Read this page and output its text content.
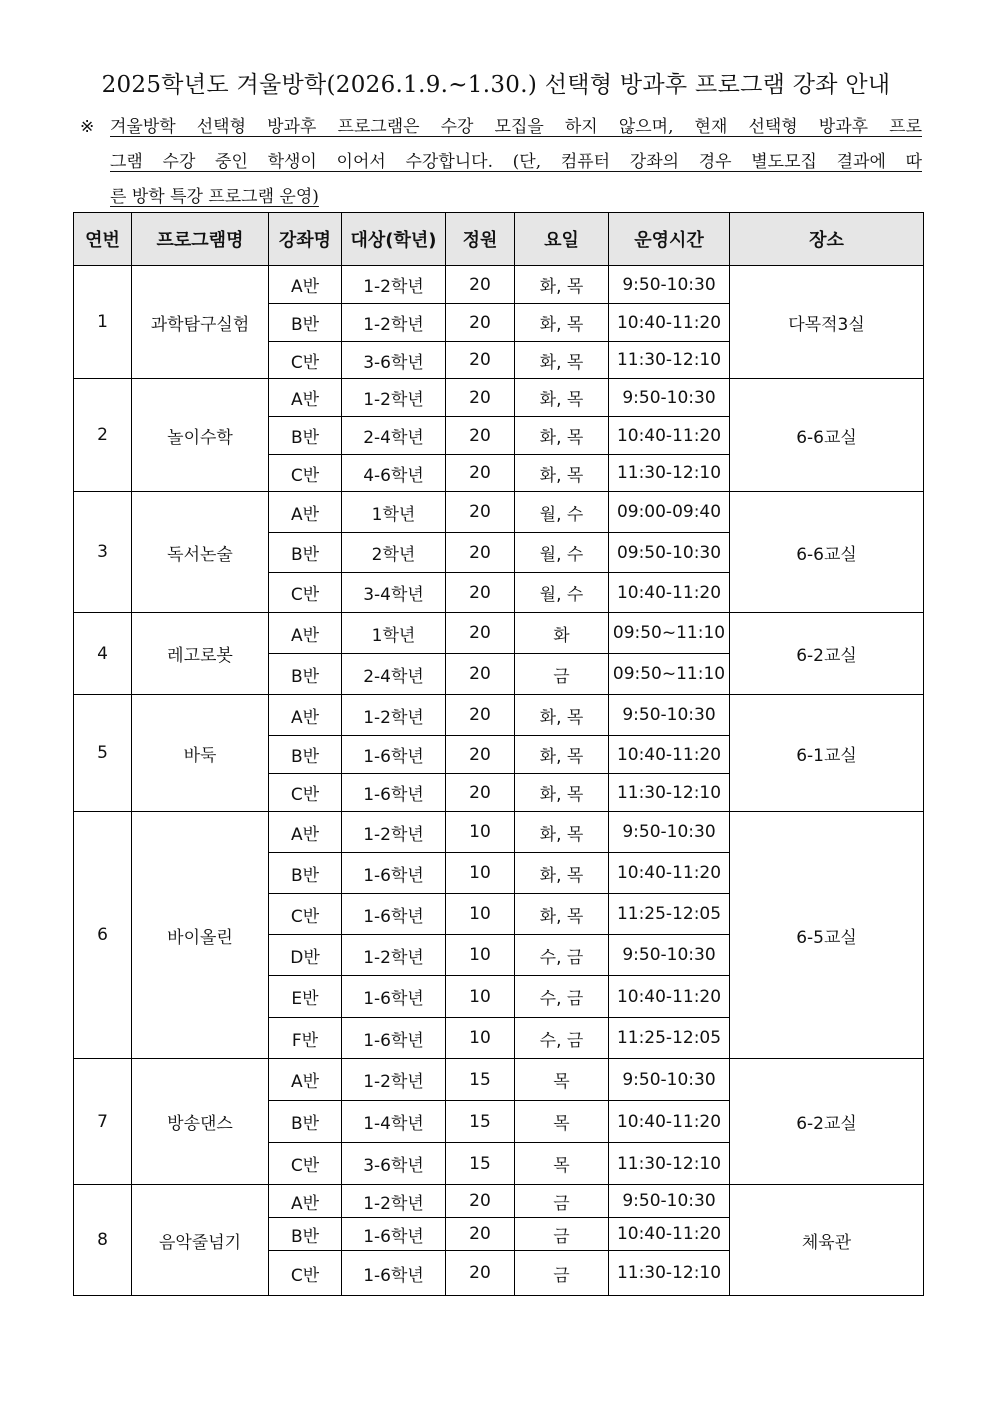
2025학년도 겨울방학(2026.1.9.~1.30.) 선택형 방과후 프로그램 강좌 안내
※ 겨울방학 선택형 방과후 프로그램은 수강 모집을 하지 않으며, 현재 선택형 방과후 프로
그램 수강 중인 학생이 이어서 수강합니다. (단, 컴퓨터 강좌의 경우 별도모집 결과에 따
른 방학 특강 프로그램 운영)
연번	프로그램명	강좌명	대상(학년)	정원	요일	운영시간	장소
1	과학탐구실험	A반	1-2학년	20	화, 목	9:50-10:30	다목적3실
		B반	1-2학년	20	화, 목	10:40-11:20	
		C반	3-6학년	20	화, 목	11:30-12:10	
2	놀이수학	A반	1-2학년	20	화, 목	9:50-10:30	6-6교실
		B반	2-4학년	20	화, 목	10:40-11:20	
		C반	4-6학년	20	화, 목	11:30-12:10	
3	독서논술	A반	1학년	20	월, 수	09:00-09:40	6-6교실
		B반	2학년	20	월, 수	09:50-10:30	
		C반	3-4학년	20	월, 수	10:40-11:20	
4	레고로봇	A반	1학년	20	화	09:50~11:10	6-2교실
		B반	2-4학년	20	금	09:50~11:10	
5	바둑	A반	1-2학년	20	화, 목	9:50-10:30	6-1교실
		B반	1-6학년	20	화, 목	10:40-11:20	
		C반	1-6학년	20	화, 목	11:30-12:10	
6	바이올린	A반	1-2학년	10	화, 목	9:50-10:30	6-5교실
		B반	1-6학년	10	화, 목	10:40-11:20	
		C반	1-6학년	10	화, 목	11:25-12:05	
		D반	1-2학년	10	수, 금	9:50-10:30	
		E반	1-6학년	10	수, 금	10:40-11:20	
		F반	1-6학년	10	수, 금	11:25-12:05	
7	방송댄스	A반	1-2학년	15	목	9:50-10:30	6-2교실
		B반	1-4학년	15	목	10:40-11:20	
		C반	3-6학년	15	목	11:30-12:10	
8	음악줄넘기	A반	1-2학년	20	금	9:50-10:30	체육관
		B반	1-6학년	20	금	10:40-11:20	
		C반	1-6학년	20	금	11:30-12:10	
